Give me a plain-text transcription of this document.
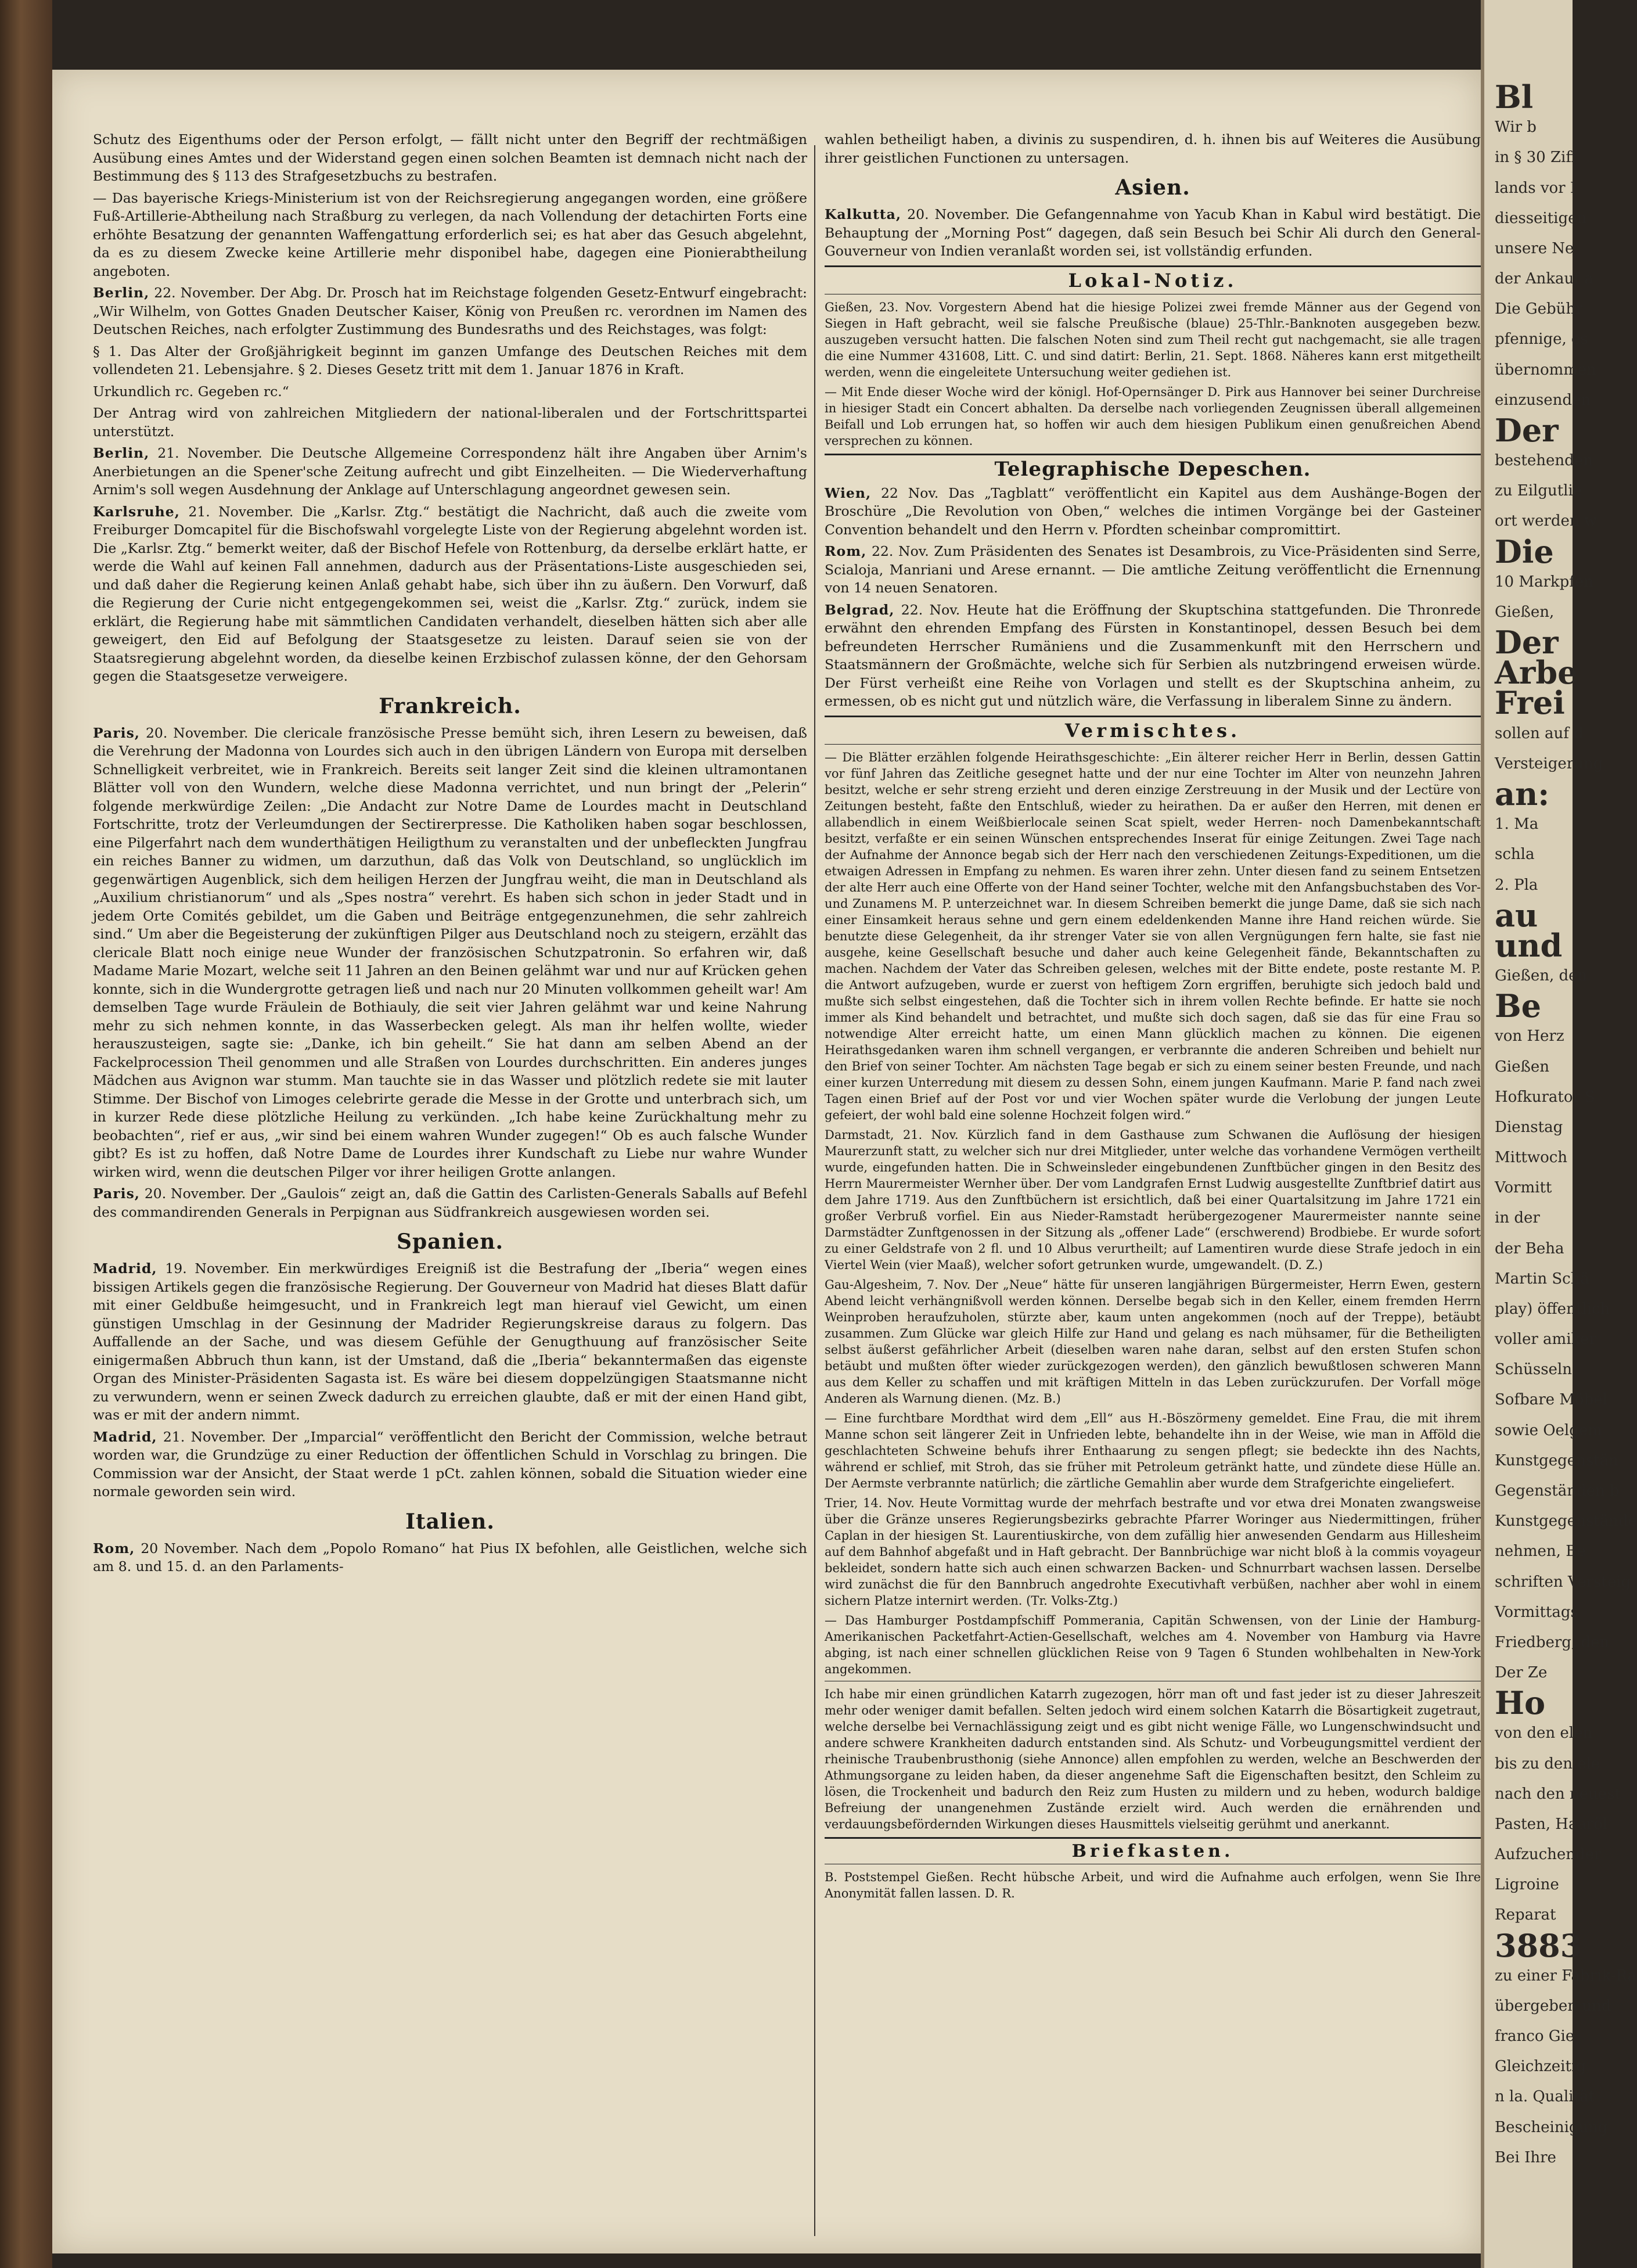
Schutz des Eigenthums oder der Person erfolgt, — fällt nicht unter den Begriff der rechtmäßigen Ausübung eines Amtes und der Widerstand gegen einen solchen Beamten ist demnach nicht nach der Bestimmung des § 113 des Strafgesetzbuchs zu bestrafen.

— Das bayerische Kriegs-Ministerium ist von der Reichsregierung angegangen worden, eine größere Fuß-Artillerie-Abtheilung nach Straßburg zu verlegen, da nach Vollendung der detachirten Forts eine erhöhte Besatzung der genannten Waffengattung erforderlich sei; es hat aber das Gesuch abgelehnt, da es zu diesem Zwecke keine Artillerie mehr disponibel habe, dagegen eine Pionierabtheilung angeboten.

Berlin, 22. November. Der Abg. Dr. Prosch hat im Reichstage folgenden Gesetz-Entwurf eingebracht: „Wir Wilhelm, von Gottes Gnaden Deutscher Kaiser, König von Preußen rc. verordnen im Namen des Deutschen Reiches, nach erfolgter Zustimmung des Bundesraths und des Reichstages, was folgt:

§ 1. Das Alter der Großjährigkeit beginnt im ganzen Umfange des Deutschen Reiches mit dem vollendeten 21. Lebensjahre. § 2. Dieses Gesetz tritt mit dem 1. Januar 1876 in Kraft.

Urkundlich rc. Gegeben rc.“

Der Antrag wird von zahlreichen Mitgliedern der national-liberalen und der Fortschrittspartei unterstützt.

Berlin, 21. November. Die Deutsche Allgemeine Correspondenz hält ihre Angaben über Arnim's Anerbietungen an die Spener'sche Zeitung aufrecht und gibt Einzelheiten. — Die Wiederverhaftung Arnim's soll wegen Ausdehnung der Anklage auf Unterschlagung angeordnet gewesen sein.

Karlsruhe, 21. November. Die „Karlsr. Ztg.“ bestätigt die Nachricht, daß auch die zweite vom Freiburger Domcapitel für die Bischofswahl vorgelegte Liste von der Regierung abgelehnt worden ist. Die „Karlsr. Ztg.“ bemerkt weiter, daß der Bischof Hefele von Rottenburg, da derselbe erklärt hatte, er werde die Wahl auf keinen Fall annehmen, dadurch aus der Präsentations-Liste ausgeschieden sei, und daß daher die Regierung keinen Anlaß gehabt habe, sich über ihn zu äußern. Den Vorwurf, daß die Regierung der Curie nicht entgegengekommen sei, weist die „Karlsr. Ztg.“ zurück, indem sie erklärt, die Regierung habe mit sämmtlichen Candidaten verhandelt, dieselben hätten sich aber alle geweigert, den Eid auf Befolgung der Staatsgesetze zu leisten. Darauf seien sie von der Staatsregierung abgelehnt worden, da dieselbe keinen Erzbischof zulassen könne, der den Gehorsam gegen die Staatsgesetze verweigere.

Frankreich.

Paris, 20. November. Die clericale französische Presse bemüht sich, ihren Lesern zu beweisen, daß die Verehrung der Madonna von Lourdes sich auch in den übrigen Ländern von Europa mit derselben Schnelligkeit verbreitet, wie in Frankreich. Bereits seit langer Zeit sind die kleinen ultramontanen Blätter voll von den Wundern, welche diese Madonna verrichtet, und nun bringt der „Pelerin“ folgende merkwürdige Zeilen: „Die Andacht zur Notre Dame de Lourdes macht in Deutschland Fortschritte, trotz der Verleumdungen der Sectirerpresse. Die Katholiken haben sogar beschlossen, eine Pilgerfahrt nach dem wunderthätigen Heiligthum zu veranstalten und der unbefleckten Jungfrau ein reiches Banner zu widmen, um darzuthun, daß das Volk von Deutschland, so unglücklich im gegenwärtigen Augenblick, sich dem heiligen Herzen der Jungfrau weiht, die man in Deutschland als „Auxilium christianorum“ und als „Spes nostra“ verehrt. Es haben sich schon in jeder Stadt und in jedem Orte Comités gebildet, um die Gaben und Beiträge entgegenzunehmen, die sehr zahlreich sind.“ Um aber die Begeisterung der zukünftigen Pilger aus Deutschland noch zu steigern, erzählt das clericale Blatt noch einige neue Wunder der französischen Schutzpatronin. So erfahren wir, daß Madame Marie Mozart, welche seit 11 Jahren an den Beinen gelähmt war und nur auf Krücken gehen konnte, sich in die Wundergrotte getragen ließ und nach nur 20 Minuten vollkommen geheilt war! Am demselben Tage wurde Fräulein de Bothiauly, die seit vier Jahren gelähmt war und keine Nahrung mehr zu sich nehmen konnte, in das Wasserbecken gelegt. Als man ihr helfen wollte, wieder herauszusteigen, sagte sie: „Danke, ich bin geheilt.“ Sie hat dann am selben Abend an der Fackelprocession Theil genommen und alle Straßen von Lourdes durchschritten. Ein anderes junges Mädchen aus Avignon war stumm. Man tauchte sie in das Wasser und plötzlich redete sie mit lauter Stimme. Der Bischof von Limoges celebrirte gerade die Messe in der Grotte und unterbrach sich, um in kurzer Rede diese plötzliche Heilung zu verkünden. „Ich habe keine Zurückhaltung mehr zu beobachten“, rief er aus, „wir sind bei einem wahren Wunder zugegen!“ Ob es auch falsche Wunder gibt? Es ist zu hoffen, daß Notre Dame de Lourdes ihrer Kundschaft zu Liebe nur wahre Wunder wirken wird, wenn die deutschen Pilger vor ihrer heiligen Grotte anlangen.

Paris, 20. November. Der „Gaulois“ zeigt an, daß die Gattin des Carlisten-Generals Saballs auf Befehl des commandirenden Generals in Perpignan aus Südfrankreich ausgewiesen worden sei.

Spanien.

Madrid, 19. November. Ein merkwürdiges Ereigniß ist die Bestrafung der „Iberia“ wegen eines bissigen Artikels gegen die französische Regierung. Der Gouverneur von Madrid hat dieses Blatt dafür mit einer Geldbuße heimgesucht, und in Frankreich legt man hierauf viel Gewicht, um einen günstigen Umschlag in der Gesinnung der Madrider Regierungskreise daraus zu folgern. Das Auffallende an der Sache, und was diesem Gefühle der Genugthuung auf französischer Seite einigermaßen Abbruch thun kann, ist der Umstand, daß die „Iberia“ bekanntermaßen das eigenste Organ des Minister-Präsidenten Sagasta ist. Es wäre bei diesem doppelzüngigen Staatsmanne nicht zu verwundern, wenn er seinen Zweck dadurch zu erreichen glaubte, daß er mit der einen Hand gibt, was er mit der andern nimmt.

Madrid, 21. November. Der „Imparcial“ veröffentlicht den Bericht der Commission, welche betraut worden war, die Grundzüge zu einer Reduction der öffentlichen Schuld in Vorschlag zu bringen. Die Commission war der Ansicht, der Staat werde 1 pCt. zahlen können, sobald die Situation wieder eine normale geworden sein wird.

Italien.

Rom, 20 November. Nach dem „Popolo Romano“ hat Pius IX befohlen, alle Geistlichen, welche sich am 8. und 15. d. an den Parlaments-

wahlen betheiligt haben, a divinis zu suspendiren, d. h. ihnen bis auf Weiteres die Ausübung ihrer geistlichen Functionen zu untersagen.

Asien.

Kalkutta, 20. November. Die Gefangennahme von Yacub Khan in Kabul wird bestätigt. Die Behauptung der „Morning Post“ dagegen, daß sein Besuch bei Schir Ali durch den General-Gouverneur von Indien veranlaßt worden sei, ist vollständig erfunden.

Lokal-Notiz.

Gießen, 23. Nov. Vorgestern Abend hat die hiesige Polizei zwei fremde Männer aus der Gegend von Siegen in Haft gebracht, weil sie falsche Preußische (blaue) 25-Thlr.-Banknoten ausgegeben bezw. auszugeben versucht hatten. Die falschen Noten sind zum Theil recht gut nachgemacht, sie alle tragen die eine Nummer 431608, Litt. C. und sind datirt: Berlin, 21. Sept. 1868. Näheres kann erst mitgetheilt werden, wenn die eingeleitete Untersuchung weiter gediehen ist.

— Mit Ende dieser Woche wird der königl. Hof-Opernsänger D. Pirk aus Hannover bei seiner Durchreise in hiesiger Stadt ein Concert abhalten. Da derselbe nach vorliegenden Zeugnissen überall allgemeinen Beifall und Lob errungen hat, so hoffen wir auch dem hiesigen Publikum einen genußreichen Abend versprechen zu können.

Telegraphische Depeschen.

Wien, 22 Nov. Das „Tagblatt“ veröffentlicht ein Kapitel aus dem Aushänge-Bogen der Broschüre „Die Revolution von Oben,“ welches die intimen Vorgänge bei der Gasteiner Convention behandelt und den Herrn v. Pfordten scheinbar compromittirt.

Rom, 22. Nov. Zum Präsidenten des Senates ist Desambrois, zu Vice-Präsidenten sind Serre, Scialoja, Manriani und Arese ernannt. — Die amtliche Zeitung veröffentlicht die Ernennung von 14 neuen Senatoren.

Belgrad, 22. Nov. Heute hat die Eröffnung der Skuptschina stattgefunden. Die Thronrede erwähnt den ehrenden Empfang des Fürsten in Konstantinopel, dessen Besuch bei dem befreundeten Herrscher Rumäniens und die Zusammenkunft mit den Herrschern und Staatsmännern der Großmächte, welche sich für Serbien als nutzbringend erweisen würde. Der Fürst verheißt eine Reihe von Vorlagen und stellt es der Skuptschina anheim, zu ermessen, ob es nicht gut und nützlich wäre, die Verfassung in liberalem Sinne zu ändern.

Vermischtes.

— Die Blätter erzählen folgende Heirathsgeschichte: „Ein älterer reicher Herr in Berlin, dessen Gattin vor fünf Jahren das Zeitliche gesegnet hatte und der nur eine Tochter im Alter von neunzehn Jahren besitzt, welche er sehr streng erzieht und deren einzige Zerstreuung in der Musik und der Lectüre von Zeitungen besteht, faßte den Entschluß, wieder zu heirathen. Da er außer den Herren, mit denen er allabendlich in einem Weißbierlocale seinen Scat spielt, weder Herren- noch Damenbekanntschaft besitzt, verfaßte er ein seinen Wünschen entsprechendes Inserat für einige Zeitungen. Zwei Tage nach der Aufnahme der Annonce begab sich der Herr nach den verschiedenen Zeitungs-Expeditionen, um die etwaigen Adressen in Empfang zu nehmen. Es waren ihrer zehn. Unter diesen fand zu seinem Entsetzen der alte Herr auch eine Offerte von der Hand seiner Tochter, welche mit den Anfangsbuchstaben des Vor- und Zunamens M. P. unterzeichnet war. In diesem Schreiben bemerkt die junge Dame, daß sie sich nach einer Einsamkeit heraus sehne und gern einem edeldenkenden Manne ihre Hand reichen würde. Sie benutzte diese Gelegenheit, da ihr strenger Vater sie von allen Vergnügungen fern halte, sie fast nie ausgehe, keine Gesellschaft besuche und daher auch keine Gelegenheit fände, Bekanntschaften zu machen. Nachdem der Vater das Schreiben gelesen, welches mit der Bitte endete, poste restante M. P. die Antwort aufzugeben, wurde er zuerst von heftigem Zorn ergriffen, beruhigte sich jedoch bald und mußte sich selbst eingestehen, daß die Tochter sich in ihrem vollen Rechte befinde. Er hatte sie noch immer als Kind behandelt und betrachtet, und mußte sich doch sagen, daß sie das für eine Frau so notwendige Alter erreicht hatte, um einen Mann glücklich machen zu können. Die eigenen Heirathsgedanken waren ihm schnell vergangen, er verbrannte die anderen Schreiben und behielt nur den Brief von seiner Tochter. Am nächsten Tage begab er sich zu einem seiner besten Freunde, und nach einer kurzen Unterredung mit diesem zu dessen Sohn, einem jungen Kaufmann. Marie P. fand nach zwei Tagen einen Brief auf der Post vor und vier Wochen später wurde die Verlobung der jungen Leute gefeiert, der wohl bald eine solenne Hochzeit folgen wird.“

Darmstadt, 21. Nov. Kürzlich fand in dem Gasthause zum Schwanen die Auflösung der hiesigen Maurerzunft statt, zu welcher sich nur drei Mitglieder, unter welche das vorhandene Vermögen vertheilt wurde, eingefunden hatten. Die in Schweinsleder eingebundenen Zunftbücher gingen in den Besitz des Herrn Maurermeister Wernher über. Der vom Landgrafen Ernst Ludwig ausgestellte Zunftbrief datirt aus dem Jahre 1719. Aus den Zunftbüchern ist ersichtlich, daß bei einer Quartalsitzung im Jahre 1721 ein großer Verbruß vorfiel. Ein aus Nieder-Ramstadt herübergezogener Maurermeister nannte seine Darmstädter Zunftgenossen in der Sitzung als „offener Lade“ (erschwerend) Brodbiebe. Er wurde sofort zu einer Geldstrafe von 2 fl. und 10 Albus verurtheilt; auf Lamentiren wurde diese Strafe jedoch in ein Viertel Wein (vier Maaß), welcher sofort getrunken wurde, umgewandelt. (D. Z.)

Gau-Algesheim, 7. Nov. Der „Neue“ hätte für unseren langjährigen Bürgermeister, Herrn Ewen, gestern Abend leicht verhängnißvoll werden können. Derselbe begab sich in den Keller, einem fremden Herrn Weinproben heraufzuholen, stürzte aber, kaum unten angekommen (noch auf der Treppe), betäubt zusammen. Zum Glücke war gleich Hilfe zur Hand und gelang es nach mühsamer, für die Betheiligten selbst äußerst gefährlicher Arbeit (dieselben waren nahe daran, selbst auf den ersten Stufen schon betäubt und mußten öfter wieder zurückgezogen werden), den gänzlich bewußtlosen schweren Mann aus dem Keller zu schaffen und mit kräftigen Mitteln in das Leben zurückzurufen. Der Vorfall möge Anderen als Warnung dienen. (Mz. B.)

— Eine furchtbare Mordthat wird dem „Ell“ aus H.-Böszörmeny gemeldet. Eine Frau, die mit ihrem Manne schon seit längerer Zeit in Unfrieden lebte, behandelte ihn in der Weise, wie man in Afföld die geschlachteten Schweine behufs ihrer Enthaarung zu sengen pflegt; sie bedeckte ihn des Nachts, während er schlief, mit Stroh, das sie früher mit Petroleum getränkt hatte, und zündete diese Hülle an. Der Aermste verbrannte natürlich; die zärtliche Gemahlin aber wurde dem Strafgerichte eingeliefert.

Trier, 14. Nov. Heute Vormittag wurde der mehrfach bestrafte und vor etwa drei Monaten zwangsweise über die Gränze unseres Regierungsbezirks gebrachte Pfarrer Woringer aus Niedermittingen, früher Caplan in der hiesigen St. Laurentiuskirche, von dem zufällig hier anwesenden Gendarm aus Hillesheim auf dem Bahnhof abgefaßt und in Haft gebracht. Der Bannbrüchige war nicht bloß à la commis voyageur bekleidet, sondern hatte sich auch einen schwarzen Backen- und Schnurrbart wachsen lassen. Derselbe wird zunächst die für den Bannbruch angedrohte Executivhaft verbüßen, nachher aber wohl in einem sichern Platze internirt werden. (Tr. Volks-Ztg.)

— Das Hamburger Postdampfschiff Pommerania, Capitän Schwensen, von der Linie der Hamburg-Amerikanischen Packetfahrt-Actien-Gesellschaft, welches am 4. November von Hamburg via Havre abging, ist nach einer schnellen glücklichen Reise von 9 Tagen 6 Stunden wohlbehalten in New-York angekommen.

Ich habe mir einen gründlichen Katarrh zugezogen, hörr man oft und fast jeder ist zu dieser Jahreszeit mehr oder weniger damit befallen. Selten jedoch wird einem solchen Katarrh die Bösartigkeit zugetraut, welche derselbe bei Vernachlässigung zeigt und es gibt nicht wenige Fälle, wo Lungenschwindsucht und andere schwere Krankheiten dadurch entstanden sind. Als Schutz- und Vorbeugungsmittel verdient der rheinische Traubenbrusthonig (siehe Annonce) allen empfohlen zu werden, welche an Beschwerden der Athmungsorgane zu leiden haben, da dieser angenehme Saft die Eigenschaften besitzt, den Schleim zu lösen, die Trockenheit und badurch den Reiz zum Husten zu mildern und zu heben, wodurch baldige Befreiung der unangenehmen Zustände erzielt wird. Auch werden die ernährenden und verdauungsbefördernden Wirkungen dieses Hausmittels vielseitig gerühmt und anerkannt.

Briefkasten.

B. Poststempel Gießen. Recht hübsche Arbeit, und wird die Aufnahme auch erfolgen, wenn Sie Ihre Anonymität fallen lassen. D. R.

Bl
Wir b
in § 30 Ziff
lands vor I
diesseitigen
unsere Ne
der Ankauf a
Die Gebühr
pfennige, es
übernommen
einzusenden
Der
bestehenden
zu Eilgutlie
ort werden w
Die
10 Markpfen
Gießen,
Der
Arbe
Frei
sollen auf d
Versteigerung
an:
1. Ma
schla
2. Pla
au
und
Gießen, den
Be
von Herz
Gießen
Hofkurator S
Dienstag
Mittwoch
Vormitt
in der
der Beha
Martin Schä
play) öffentlich
voller amiker
Schüsseln
Sofbare Möbel
sowie Oelgem
Kunstgegenstän
Gegenständen b
Kunstgegenstände
nehmen, Be
schriften Versteig
Vormittags
Friedberg, den
Der Ze
Ho
von den elen
bis zu den ele
nach den neuest
Pasten, Haaröl
Aufzuchender
Ligroine
Reparat
3883
zu einer Fabrik-Ra
übergeben und
franco Gie
Gleichzeitig
n la. Qualität
Bescheinigung
Bei Ihre
